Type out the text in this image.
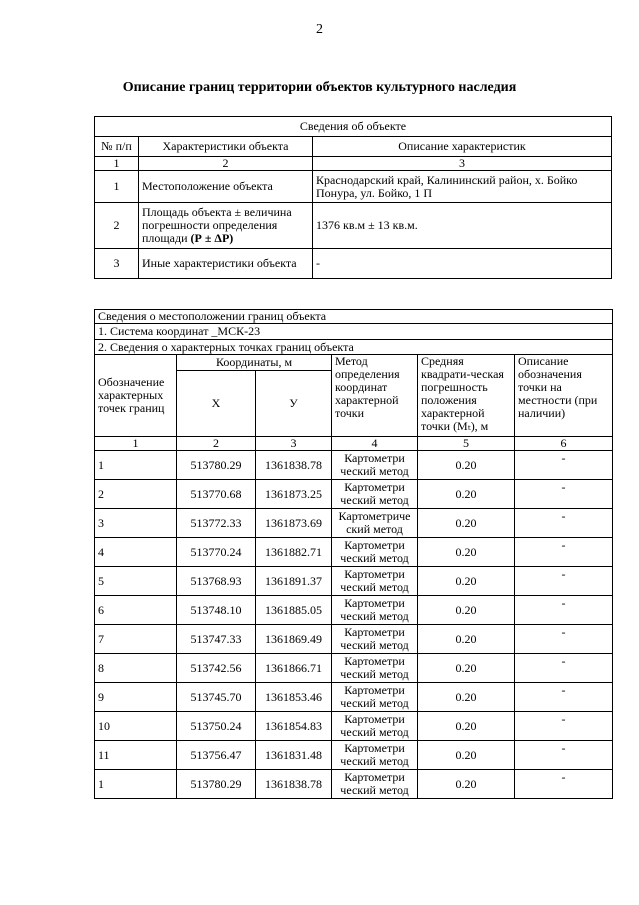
2
Описание границ территории объектов культурного наследия
Сведения об объекте		
№ п/п	Характеристики объекта	Описание характеристик
1	2	3
1	Местоположение объекта	Краснодарский край, Калининский район, х. Бойко Понура, ул. Бойко, 1 П
2	Площадь объекта ± величина погрешности определения площади (Р ± ΔР)	1376 кв.м ± 13 кв.м.
3	Иные характеристики объекта	-
Сведения о местоположении границ объекта					
1. Система координат _МСК-23					
2. Сведения о характерных точках границ объекта					
Обозначение характерных точек границ	Координаты, м		Метод определения координат характерной точки	Средняя квадрати-ческая погрешность положения характерной точки (Mₜ), м	Описание обозначения точки на местности (при наличии)
	X	У			
1	2	3	4	5	6
1	513780.29	1361838.78	Картометри ческий метод	0.20	-
2	513770.68	1361873.25	Картометри ческий метод	0.20	-
3	513772.33	1361873.69	Картометриче ский метод	0.20	-
4	513770.24	1361882.71	Картометри ческий метод	0.20	-
5	513768.93	1361891.37	Картометри ческий метод	0.20	-
6	513748.10	1361885.05	Картометри ческий метод	0.20	-
7	513747.33	1361869.49	Картометри ческий метод	0.20	-
8	513742.56	1361866.71	Картометри ческий метод	0.20	-
9	513745.70	1361853.46	Картометри ческий метод	0.20	-
10	513750.24	1361854.83	Картометри ческий метод	0.20	-
11	513756.47	1361831.48	Картометри ческий метод	0.20	-
1	513780.29	1361838.78	Картометри ческий метод	0.20	-
